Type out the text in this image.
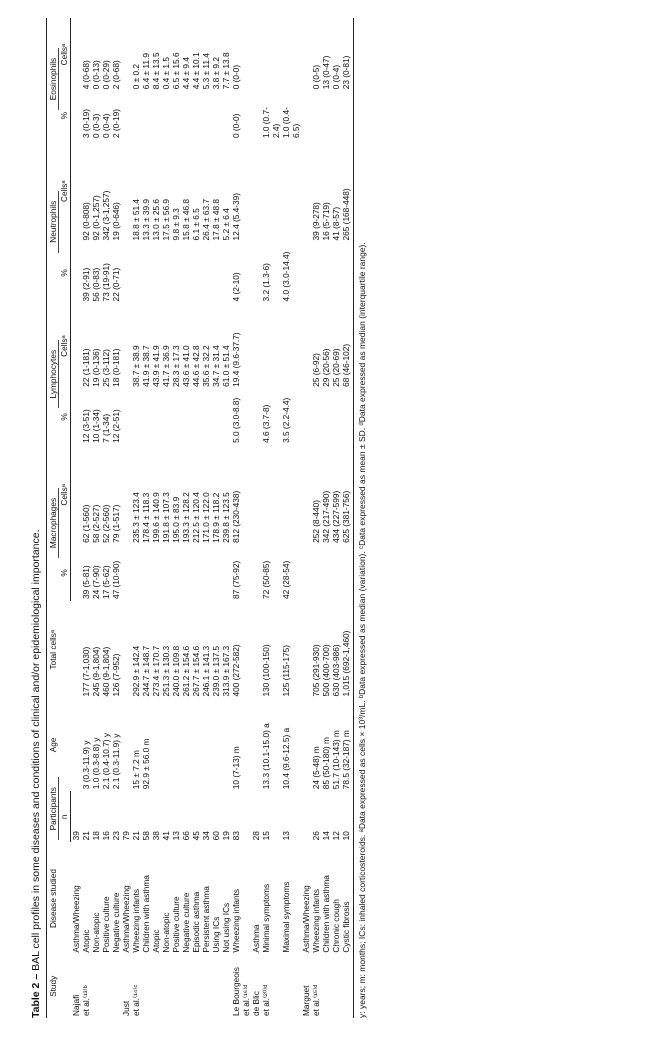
Table 2 – BAL cell profiles in some diseases and conditions of clinical and/or epidemiological importance.
Study	Disease studied	Participants	Age	Total cellsᵃ	Macrophages		Lymphocytes		Neutrophils		Eosinophils	
		n			%	Cellsᵃ	%	Cellsᵃ	%	Cellsᵃ	%	Cellsᵃ
Najafi	Asthma/Wheezing	39										
et al.⁽¹³⁾ᵇ	Atopic	21	3 (0.3-11.9) y	177 (7-1,030)	39 (5-81)	62 (1-560)	12 (3-51)	22 (1-181)	39 (2-91)	92 (0-808)	3 (0-19)	4 (0-68)
	Non-atopic	18	1.0 (0.3-8.8) y	245 (9-1,804)	24 (7-90)	58 (2-527)	10 (1-34)	19 (0-136)	56 (0-83)	92 (0-1,257)	0 (0-3)	0 (0-13)
	Positive culture	16	2.1 (0.4-10.7) y	460 (9-1,804)	17 (5-62)	52 (2-560)	7 (1-34)	25 (3-112)	73 (19-91)	342 (3-1,257)	0 (0-4)	0 (0-29)
	Negative culture	23	2.1 (0.3-11.9) y	126 (7-952)	47 (10-90)	79 (1-517)	12 (2-51)	18 (0-181)	22 (0-71)	19 (0-646)	2 (0-19)	2 (0-68)
Just	Asthma/Wheezing	79										
et al.⁽¹⁴⁾ᶜ	Wheezing infants	21	15 ± 7.2 m	292.9 ± 142.4		235.3 ± 123.4		38.7 ± 38.9		18.8 ± 51.4		0 ± 0.2
	Children with asthma	58	92.9 ± 56.0 m	244.7 ± 148.7		178.4 ± 118.3		41.9 ± 38.7		13.3 ± 39.9		6.4 ± 11.9
	Atopic	38		273.4 ± 170.7		199.6 ± 140.9		43.9 ± 41.9		13.0 ± 25.6		8.4 ± 13.5
	Non-atopic	41		251.3 ± 130.3		191.8 ± 107.3		41.7 ± 36.9		17.5 ± 56.9		0.4 ± 1.5
	Positive culture	13		240.0 ± 109.8		195.0 ± 83.9		28.3 ± 17.3		9.8 ± 9.3		6.5 ± 15.6
	Negative culture	66		261.2 ± 154.6		193.3 ± 128.2		43.6 ± 41.0		15.8 ± 46.8		4.4 ± 9.4
	Episodic asthma	45		267.7 ± 154.6		212.5 ± 120.4		44.6 ± 42.8		6.1 ± 6.5		4.4 ± 10.1
	Persistent asthma	34		246.1 ± 141.3		171.0 ± 122.0		35.6 ± 32.2		26.4 ± 63.7		5.3 ± 11.4
	Using ICs	60		239.0 ± 137.5		178.9 ± 118.2		34.7 ± 31.4		17.8 ± 48.8		3.8 ± 9.2
	Not using ICs	19		313.9 ± 167.3		239.8 ± 123.5		61.0 ± 51.4		5.2 ± 6.4		7.7 ± 13.8
Le Bourgeois	Wheezing infants	83	10 (7-13) m	400 (272-582)	87 (75-92)	812 (230-438)	5.0 (3.0-8.8)	19.4 (9.6-37.7)	4 (2-10)	12.4 (5.4-39)	0 (0-0)	0 (0-0)
et al.⁽¹⁶⁾ᵈ												
de Blic	Asthma	28										
et al.⁽²⁰⁾ᵈ	Minimal symptoms	15	13.3 (10.1-15.0) a	130 (100-150)	72 (50-85)		4.6 (3.7-8)		3.2 (1.3-6)		1.0 (0.7-2.4)	
	Maximal symptoms	13	10.4 (9.6-12.5) a	125 (115-175)	42 (28-54)		3.5 (2.2-4.4)		4.0 (3.0-14.4)		1.0 (0.4-6.5)	
Marguet	Asthma/Wheezing											
et al.⁽¹⁵⁾ᵈ	Wheezing infants	26	24 (5-48) m	705 (291-930)		252 (8-440)		25 (6-92)		39 (9-278)		0 (0-5)
	Children with asthma	14	85 (50-180) m	500 (400-700)		342 (217-490)		29 (20-56)		16 (5-719)		13 (0-47)
	Chronic cough	12	51.7 (10-143) m	630 (403-986)		434 (227-599)		25 (20-69)		41 (8-57)		0 (0-4)
	Cystic fibrosis	10	78.5 (32-187) m	1,015 (692-1,460)		625 (381-756)		68 (46-102)		265 (168-448)		23 (0-81)
y: years; m: months; ICs: inhaled corticosteroids. ᵃData expressed as cells × 10³/mL. ᵇData expressed as median (variation). ᶜData expressed as mean ± SD. ᵈData expressed as median (interquartile range).
